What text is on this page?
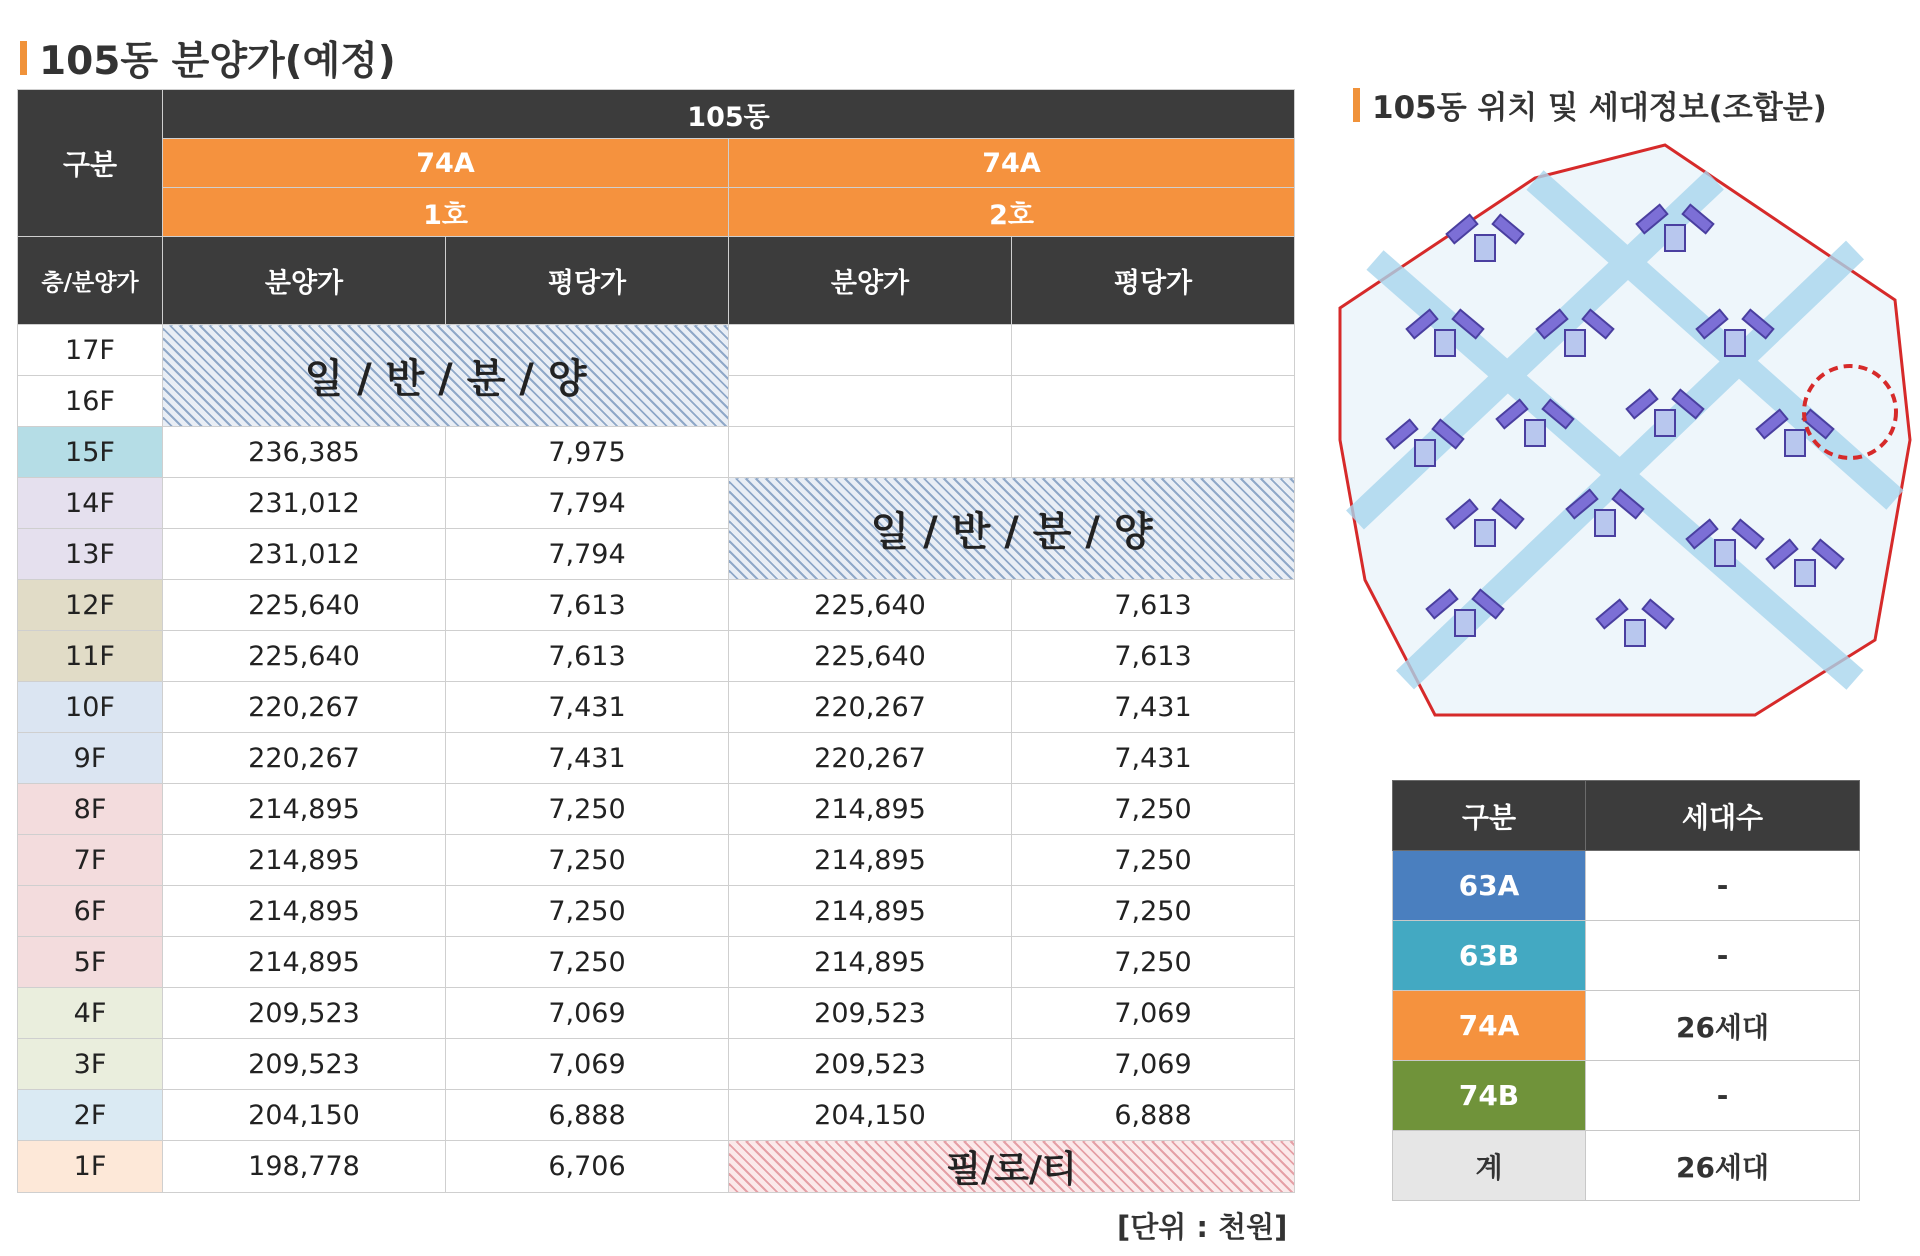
105동 분양가(예정)
구분	105동			
	74A		74A	
	1호		2호	
층/분양가	분양가	평당가	분양가	평당가
17F	일 / 반 / 분 / 양			
16F				
15F	236,385	7,975		
14F	231,012	7,794	일 / 반 / 분 / 양	
13F	231,012	7,794		
12F	225,640	7,613	225,640	7,613
11F	225,640	7,613	225,640	7,613
10F	220,267	7,431	220,267	7,431
9F	220,267	7,431	220,267	7,431
8F	214,895	7,250	214,895	7,250
7F	214,895	7,250	214,895	7,250
6F	214,895	7,250	214,895	7,250
5F	214,895	7,250	214,895	7,250
4F	209,523	7,069	209,523	7,069
3F	209,523	7,069	209,523	7,069
2F	204,150	6,888	204,150	6,888
1F	198,778	6,706	필/로/티	
[단위 : 천원]
105동 위치 및 세대정보(조합분)
구분	세대수
63A	-
63B	-
74A	26세대
74B	-
계	26세대
